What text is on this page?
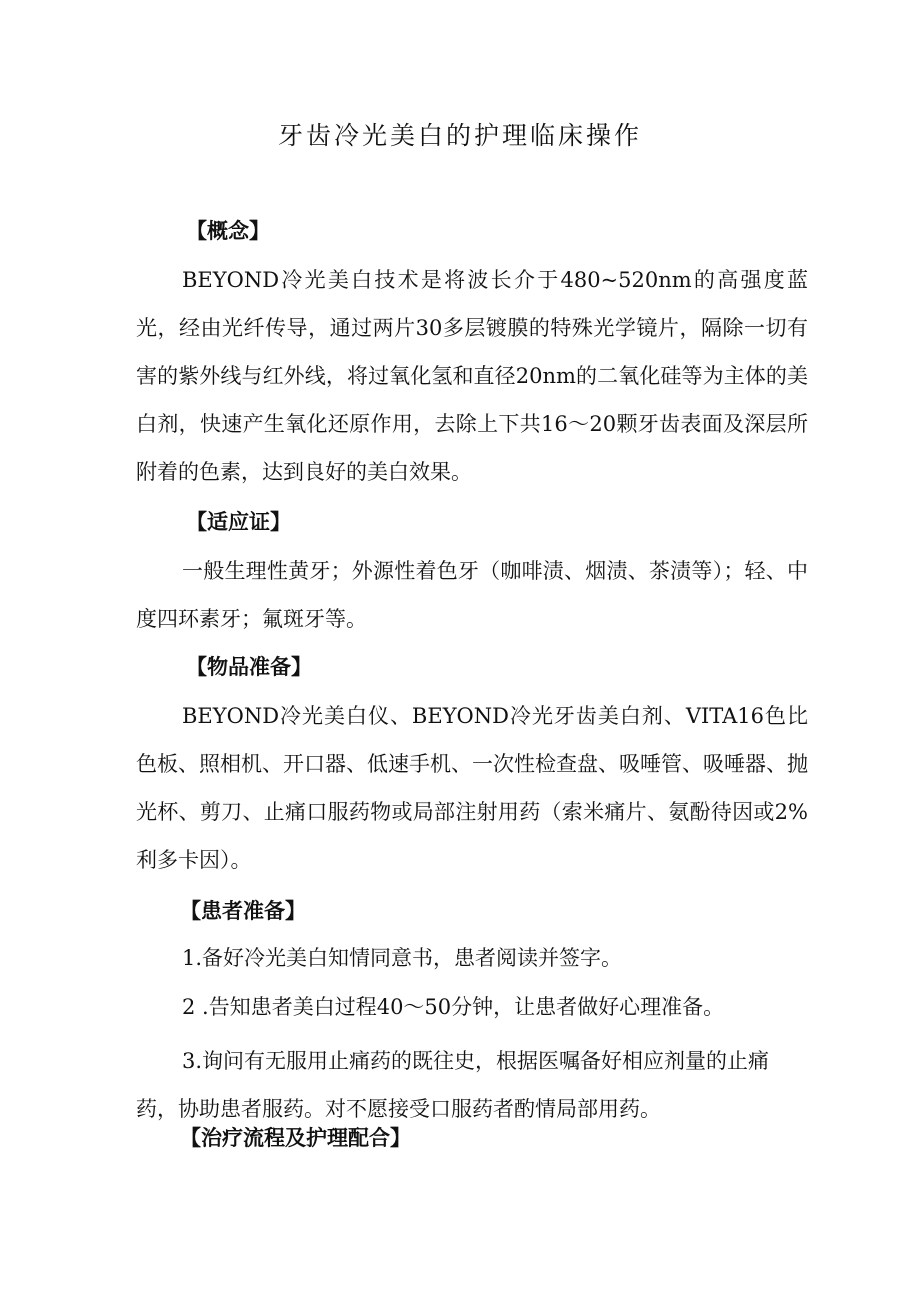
牙齿冷光美白的护理临床操作
【概念】

BEYOND冷光美白技术是将波长介于480~520nm的高强度蓝光，经由光纤传导，通过两片30多层镀膜的特殊光学镜片，隔除一切有害的紫外线与红外线，将过氧化氢和直径20nm的二氧化硅等为主体的美白剂，快速产生氧化还原作用，去除上下共16～20颗牙齿表面及深层所附着的色素，达到良好的美白效果。

【适应证】

一般生理性黄牙；外源性着色牙（咖啡渍、烟渍、茶渍等）；轻、中度四环素牙；氟斑牙等。

【物品准备】

BEYOND冷光美白仪、BEYOND冷光牙齿美白剂、VITA16色比色板、照相机、开口器、低速手机、一次性检查盘、吸唾管、吸唾器、抛光杯、剪刀、止痛口服药物或局部注射用药（索米痛片、氨酚待因或2%利多卡因）。

【患者准备】

1.备好冷光美白知情同意书，患者阅读并签字。

2 .告知患者美白过程40～50分钟，让患者做好心理准备。

3.询问有无服用止痛药的既往史，根据医嘱备好相应剂量的止痛药，协助患者服药。对不愿接受口服药者酌情局部用药。

【治疗流程及护理配合】
